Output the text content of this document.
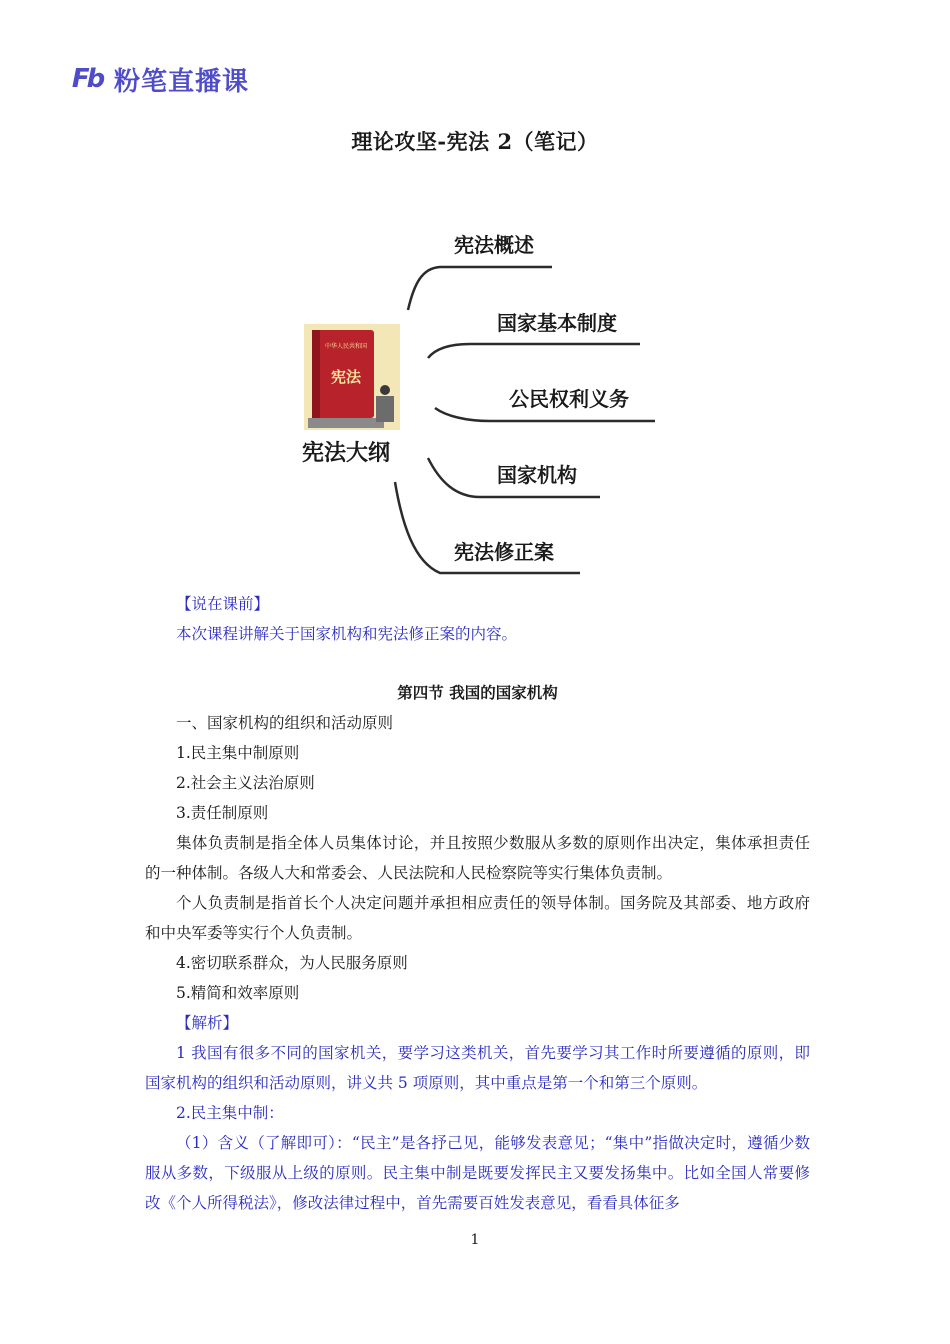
Fb 粉笔直播课
理论攻坚-宪法 2（笔记）
中华人民共和国
宪法
宪法大纲
宪法概述
国家基本制度
公民权利义务
国家机构
宪法修正案
【说在课前】
本次课程讲解关于国家机构和宪法修正案的内容。
第四节 我国的国家机构
一、国家机构的组织和活动原则
1.民主集中制原则
2.社会主义法治原则
3.责任制原则
集体负责制是指全体人员集体讨论，并且按照少数服从多数的原则作出决定，集体承担责任的一种体制。各级人大和常委会、人民法院和人民检察院等实行集体负责制。
个人负责制是指首长个人决定问题并承担相应责任的领导体制。国务院及其部委、地方政府和中央军委等实行个人负责制。
4.密切联系群众，为人民服务原则
5.精简和效率原则
【解析】
1 我国有很多不同的国家机关，要学习这类机关，首先要学习其工作时所要遵循的原则，即国家机构的组织和活动原则，讲义共 5 项原则，其中重点是第一个和第三个原则。
2.民主集中制：
（1）含义（了解即可）：“民主”是各抒己见，能够发表意见；“集中”指做决定时，遵循少数服从多数，下级服从上级的原则。民主集中制是既要发挥民主又要发扬集中。比如全国人常要修改《个人所得税法》，修改法律过程中，首先需要百姓发表意见，看看具体征多
1
